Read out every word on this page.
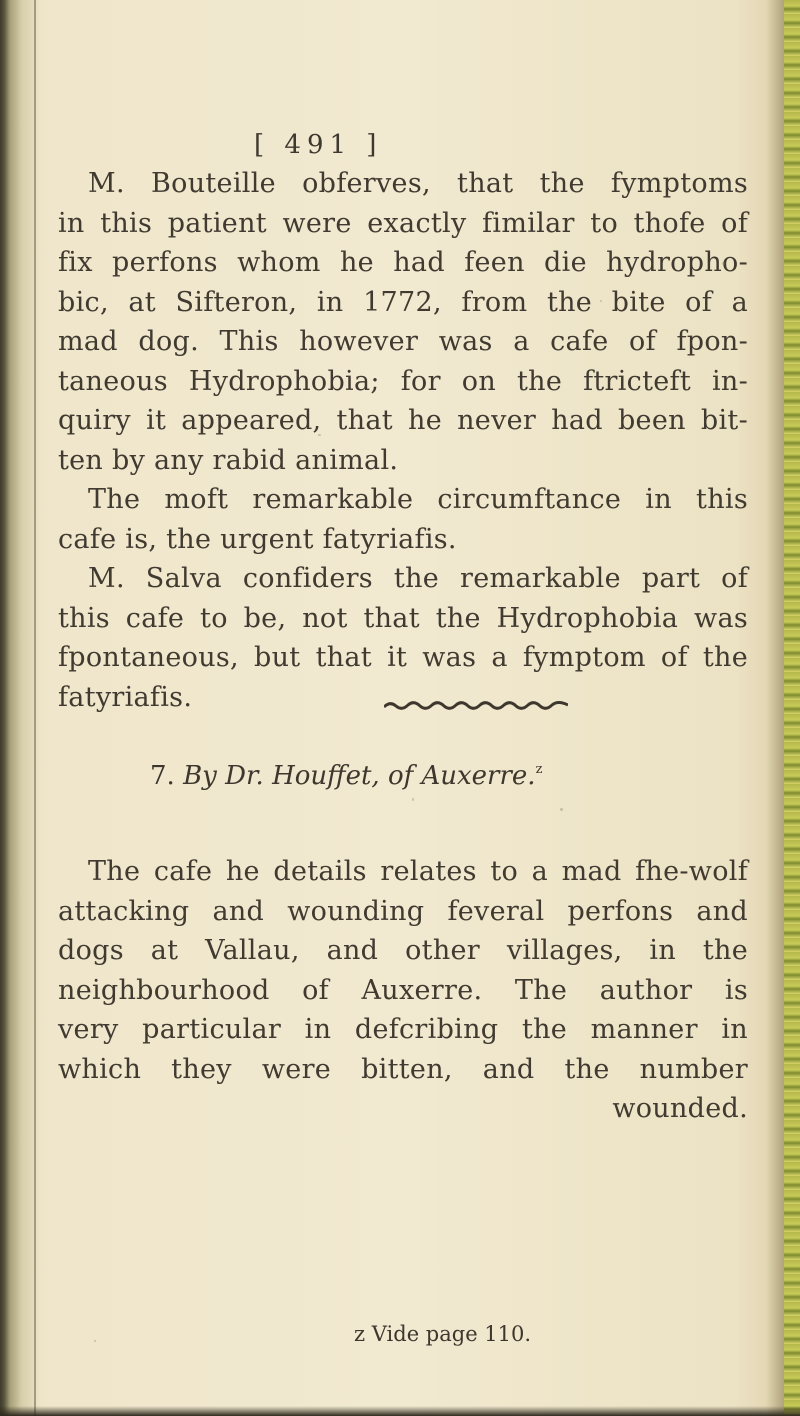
[ 491 ]
M. Bouteille obferves, that the fymptoms
in this patient were exactly fimilar to thofe of
fix perfons whom he had feen die hydropho-
bic, at Sifteron, in 1772, from the bite of a
mad dog. This however was a cafe of fpon-
taneous Hydrophobia; for on the ftricteft in-
quiry it appeared, that he never had been bit-
ten by any rabid animal.
The moft remarkable circumftance in this
cafe is, the urgent fatyriafis.
M. Salva confiders the remarkable part of
this cafe to be, not that the Hydrophobia was
fpontaneous, but that it was a fymptom of the
fatyriafis.
7. By Dr. Houffet, of Auxerre.$^z$
The cafe he details relates to a mad fhe-wolf
attacking and wounding feveral perfons and
dogs at Vallau, and other villages, in the
neighbourhood of Auxerre. The author is
very particular in defcribing the manner in
which they were bitten, and the number
wounded.
z Vide page 110.
